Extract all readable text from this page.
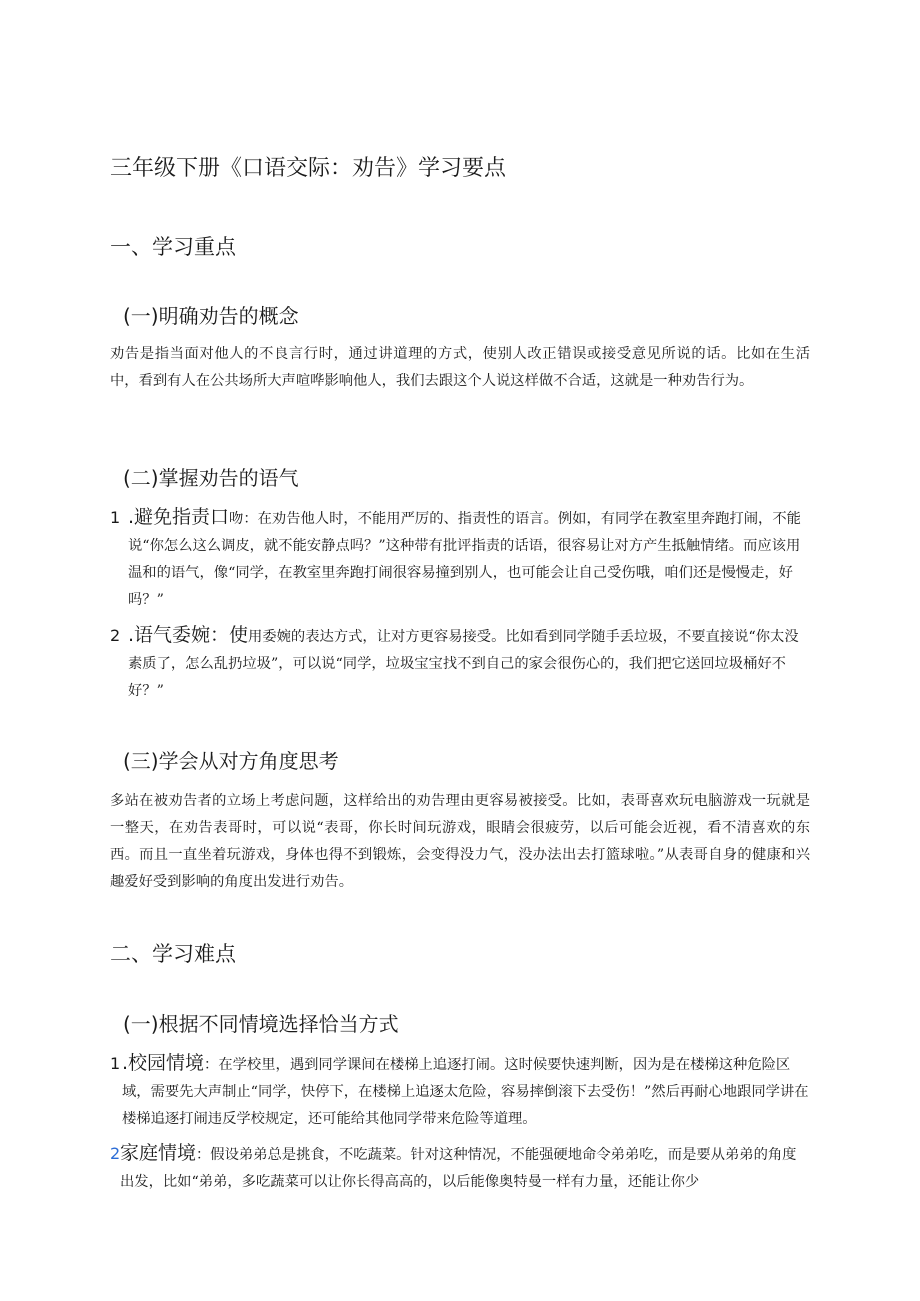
三年级下册《口语交际：劝告》学习要点
一、学习重点
(一)明确劝告的概念
劝告是指当面对他人的不良言行时，通过讲道理的方式，使别人改正错误或接受意见所说的话。比如在生活中，看到有人在公共场所大声喧哗影响他人，我们去跟这个人说这样做不合适，这就是一种劝告行为。
(二)掌握劝告的语气
1 .避免指责口吻：在劝告他人时，不能用严厉的、指责性的语言。例如，有同学在教室里奔跑打闹，不能说“你怎么这么调皮，就不能安静点吗？”这种带有批评指责的话语，很容易让对方产生抵触情绪。而应该用温和的语气，像“同学，在教室里奔跑打闹很容易撞到别人，也可能会让自己受伤哦，咱们还是慢慢走，好吗？”
2 .语气委婉：使用委婉的表达方式，让对方更容易接受。比如看到同学随手丢垃圾，不要直接说“你太没素质了，怎么乱扔垃圾”，可以说“同学，垃圾宝宝找不到自己的家会很伤心的，我们把它送回垃圾桶好不好？”
(三)学会从对方角度思考
多站在被劝告者的立场上考虑问题，这样给出的劝告理由更容易被接受。比如，表哥喜欢玩电脑游戏一玩就是一整天，在劝告表哥时，可以说“表哥，你长时间玩游戏，眼睛会很疲劳，以后可能会近视，看不清喜欢的东西。而且一直坐着玩游戏，身体也得不到锻炼，会变得没力气，没办法出去打篮球啦。”从表哥自身的健康和兴趣爱好受到影响的角度出发进行劝告。
二、学习难点
(一)根据不同情境选择恰当方式
1 .校园情境：在学校里，遇到同学课间在楼梯上追逐打闹。这时候要快速判断，因为是在楼梯这种危险区域，需要先大声制止“同学，快停下，在楼梯上追逐太危险，容易摔倒滚下去受伤！”然后再耐心地跟同学讲在楼梯追逐打闹违反学校规定，还可能给其他同学带来危险等道理。
2 家庭情境：假设弟弟总是挑食，不吃蔬菜。针对这种情况，不能强硬地命令弟弟吃，而是要从弟弟的角度出发，比如“弟弟，多吃蔬菜可以让你长得高高的，以后能像奥特曼一样有力量，还能让你少
